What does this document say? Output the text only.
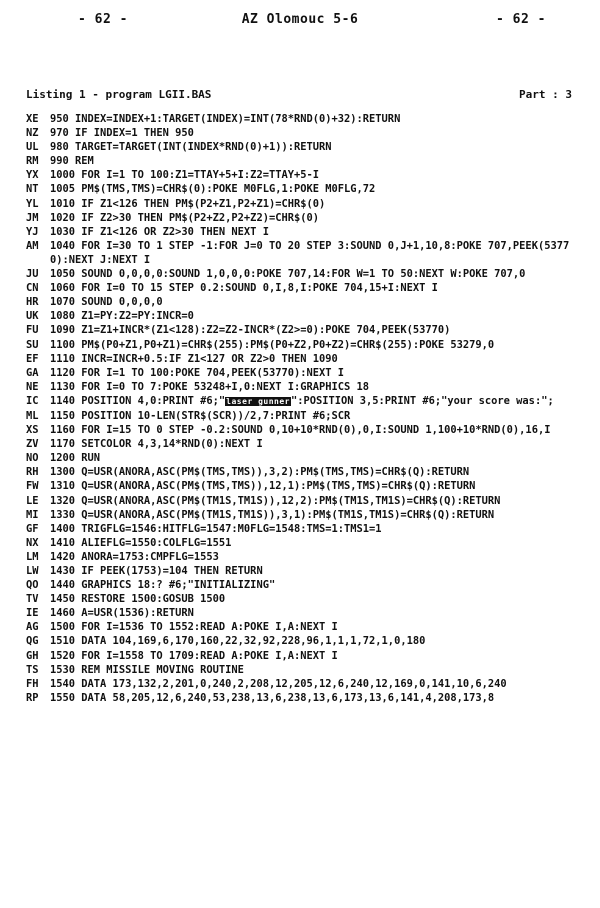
- 62 -	AZ Olomouc 5-6	- 62 -
Listing 1 - program LGII.BAS	Part : 3
XE	950 INDEX=INDEX+1:TARGET(INDEX)=INT(78*RND(0)+32):RETURN
NZ	970 IF INDEX=1 THEN 950
UL	980 TARGET=TARGET(INT(INDEX*RND(0)+1)):RETURN
RM	990 REM
YX	1000 FOR I=1 TO 100:Z1=TTAY+5+I:Z2=TTAY+5-I
NT	1005 PM$(TMS,TMS)=CHR$(0):POKE M0FLG,1:POKE M0FLG,72
YL	1010 IF Z1<126 THEN PM$(P2+Z1,P2+Z1)=CHR$(0)
JM	1020 IF Z2>30 THEN PM$(P2+Z2,P2+Z2)=CHR$(0)
YJ	1030 IF Z1<126 OR Z2>30 THEN NEXT I
AM	1040 FOR I=30 TO 1 STEP -1:FOR J=0 TO 20 STEP 3:SOUND 0,J+1,10,8:POKE 707,PEEK(53770):NEXT J:NEXT I
JU	1050 SOUND 0,0,0,0:SOUND 1,0,0,0:POKE 707,14:FOR W=1 TO 50:NEXT W:POKE 707,0
CN	1060 FOR I=0 TO 15 STEP 0.2:SOUND 0,I,8,I:POKE 704,15+I:NEXT I
HR	1070 SOUND 0,0,0,0
UK	1080 Z1=PY:Z2=PY:INCR=0
FU	1090 Z1=Z1+INCR*(Z1<128):Z2=Z2-INCR*(Z2>=0):POKE 704,PEEK(53770)
SU	1100 PM$(P0+Z1,P0+Z1)=CHR$(255):PM$(P0+Z2,P0+Z2)=CHR$(255):POKE 53279,0
EF	1110 INCR=INCR+0.5:IF Z1<127 OR Z2>0 THEN 1090
GA	1120 FOR I=1 TO 100:POKE 704,PEEK(53770):NEXT I
NE	1130 FOR I=0 TO 7:POKE 53248+I,0:NEXT I:GRAPHICS 18
IC	1140 POSITION 4,0:PRINT #6;"laser gunner":POSITION 3,5:PRINT #6;"your score was:";
ML	1150 POSITION 10-LEN(STR$(SCR))/2,7:PRINT #6;SCR
XS	1160 FOR I=15 TO 0 STEP -0.2:SOUND 0,10+10*RND(0),0,I:SOUND 1,100+10*RND(0),16,I
ZV	1170 SETCOLOR 4,3,14*RND(0):NEXT I
NO	1200 RUN
RH	1300 Q=USR(ANORA,ASC(PM$(TMS,TMS)),3,2):PM$(TMS,TMS)=CHR$(Q):RETURN
FW	1310 Q=USR(ANORA,ASC(PM$(TMS,TMS)),12,1):PM$(TMS,TMS)=CHR$(Q):RETURN
LE	1320 Q=USR(ANORA,ASC(PM$(TM1S,TM1S)),12,2):PM$(TM1S,TM1S)=CHR$(Q):RETURN
MI	1330 Q=USR(ANORA,ASC(PM$(TM1S,TM1S)),3,1):PM$(TM1S,TM1S)=CHR$(Q):RETURN
GF	1400 TRIGFLG=1546:HITFLG=1547:M0FLG=1548:TMS=1:TMS1=1
NX	1410 ALIEFLG=1550:COLFLG=1551
LM	1420 ANORA=1753:CMPFLG=1553
LW	1430 IF PEEK(1753)=104 THEN RETURN
QO	1440 GRAPHICS 18:? #6;"INITIALIZING"
TV	1450 RESTORE 1500:GOSUB 1500
IE	1460 A=USR(1536):RETURN
AG	1500 FOR I=1536 TO 1552:READ A:POKE I,A:NEXT I
QG	1510 DATA 104,169,6,170,160,22,32,92,228,96,1,1,1,72,1,0,180
GH	1520 FOR I=1558 TO 1709:READ A:POKE I,A:NEXT I
TS	1530 REM MISSILE MOVING ROUTINE
FH	1540 DATA 173,132,2,201,0,240,2,208,12,205,12,6,240,12,169,0,141,10,6,240
RP	1550 DATA 58,205,12,6,240,53,238,13,6,238,13,6,173,13,6,141,4,208,173,8
